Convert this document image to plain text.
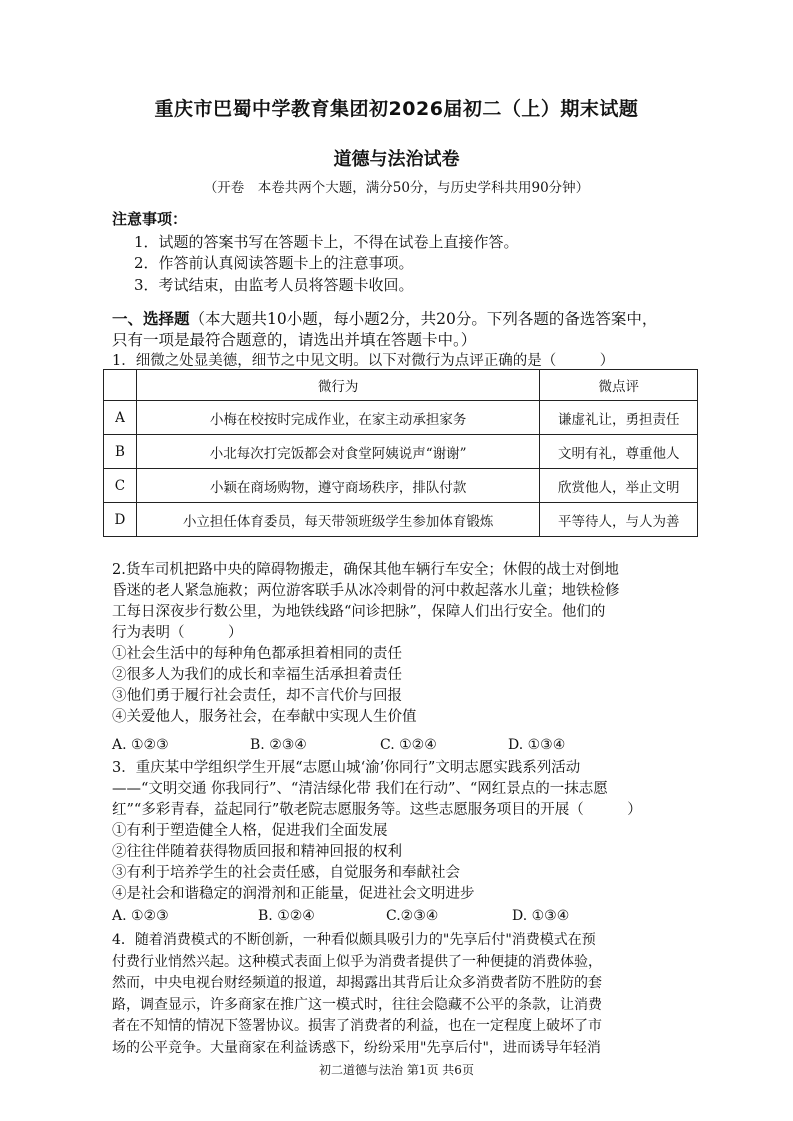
重庆市巴蜀中学教育集团初2026届初二（上）期末试题
道德与法治试卷
（开卷　本卷共两个大题，满分50分，与历史学科共用90分钟）
注意事项：
1．试题的答案书写在答题卡上，不得在试卷上直接作答。
2．作答前认真阅读答题卡上的注意事项。
3．考试结束，由监考人员将答题卡收回。
一、选择题（本大题共10小题，每小题2分，共20分。下列各题的备选答案中，
只有一项是最符合题意的，请选出并填在答题卡中。）
1．细微之处显美德，细节之中见文明。以下对微行为点评正确的是（　　　）
	微行为	微点评
A	小梅在校按时完成作业，在家主动承担家务	谦虚礼让，勇担责任
B	小北每次打完饭都会对食堂阿姨说声“谢谢”	文明有礼，尊重他人
C	小颖在商场购物，遵守商场秩序，排队付款	欣赏他人，举止文明
D	小立担任体育委员，每天带领班级学生参加体育锻炼	平等待人，与人为善
2.货车司机把路中央的障碍物搬走，确保其他车辆行车安全；休假的战士对倒地
昏迷的老人紧急施救；两位游客联手从冰冷刺骨的河中救起落水儿童；地铁检修
工每日深夜步行数公里，为地铁线路“问诊把脉”，保障人们出行安全。他们的
行为表明（　　　）
①社会生活中的每种角色都承担着相同的责任
②很多人为我们的成长和幸福生活承担着责任
③他们勇于履行社会责任，却不言代价与回报
④关爱他人，服务社会，在奉献中实现人生价值
A. ①②③	B. ②③④	C. ①②④	D. ①③④
3．重庆某中学组织学生开展“志愿山城‘渝’你同行”文明志愿实践系列活动
——“文明交通 你我同行”、“清洁绿化带 我们在行动”、“网红景点的一抹志愿
红”“多彩青春，益起同行”敬老院志愿服务等。这些志愿服务项目的开展（　　　）
①有利于塑造健全人格，促进我们全面发展
②往往伴随着获得物质回报和精神回报的权利
③有利于培养学生的社会责任感，自觉服务和奉献社会
④是社会和谐稳定的润滑剂和正能量，促进社会文明进步
A. ①②③	B. ①②④	C.②③④	D. ①③④
4．随着消费模式的不断创新，一种看似颇具吸引力的"先享后付"消费模式在预
付费行业悄然兴起。这种模式表面上似乎为消费者提供了一种便捷的消费体验，
然而，中央电视台财经频道的报道，却揭露出其背后让众多消费者防不胜防的套
路，调查显示，许多商家在推广这一模式时，往往会隐藏不公平的条款，让消费
者在不知情的情况下签署协议。损害了消费者的利益，也在一定程度上破坏了市
场的公平竞争。大量商家在利益诱惑下，纷纷采用"先享后付"，进而诱导年轻消
初二道德与法治 第1页 共6页
